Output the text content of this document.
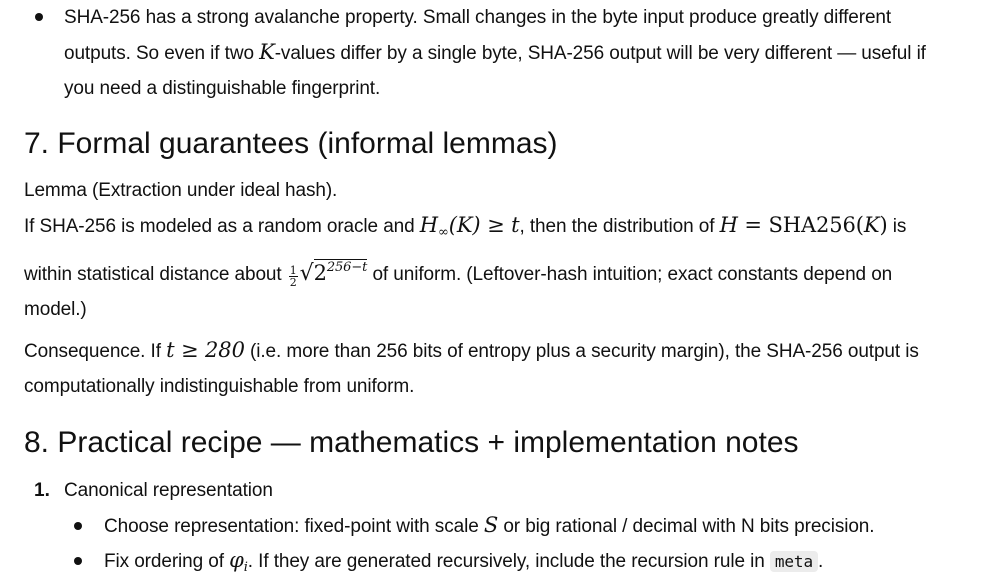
SHA-256 has a strong avalanche property. Small changes in the byte input produce greatly different
outputs. So even if two K-values differ by a single byte, SHA-256 output will be very different — useful if
you need a distinguishable fingerprint.
7. Formal guarantees (informal lemmas)
Lemma (Extraction under ideal hash).
If SHA-256 is modeled as a random oracle and $H_\infty(K) \ge t$, then the distribution of H = SHA256(K) is
within statistical distance about $\frac{1}{2} √2^{256-t}$ of uniform. (Leftover-hash intuition; exact constants depend on
model.)
Consequence. If t ≥ 280 (i.e. more than 256 bits of entropy plus a security margin), the SHA-256 output is
computationally indistinguishable from uniform.
8. Practical recipe — mathematics + implementation notes
1. Canonical representation
Choose representation: fixed-point with scale S or big rational / decimal with N bits precision.
Fix ordering of $\varphi_i$. If they are generated recursively, include the recursion rule in meta .
